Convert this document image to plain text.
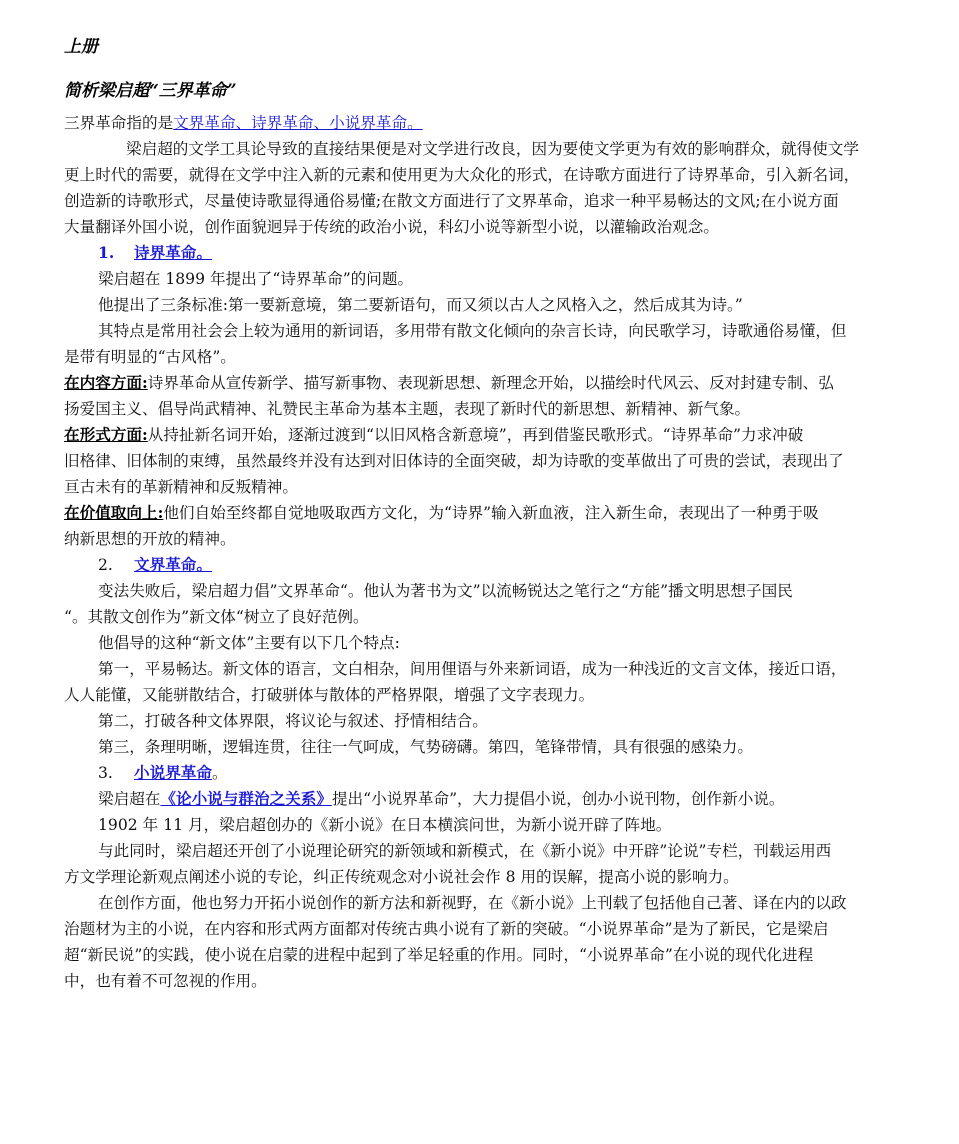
上册
简析梁启超“三界革命”
三界革命指的是文界革命、诗界革命、小说界革命。
梁启超的文学工具论导致的直接结果便是对文学进行改良，因为要使文学更为有效的影响群众，就得使文学
更上时代的需要，就得在文学中注入新的元素和使用更为大众化的形式，在诗歌方面进行了诗界革命，引入新名词，
创造新的诗歌形式，尽量使诗歌显得通俗易懂;在散文方面进行了文界革命，追求一种平易畅达的文风;在小说方面
大量翻译外国小说，创作面貌迥异于传统的政治小说，科幻小说等新型小说，以灌输政治观念。
1. 诗界革命。
梁启超在 1899 年提出了“诗界革命”的问题。
他提出了三条标准:第一要新意境，第二要新语句，而又须以古人之风格入之，然后成其为诗。”
其特点是常用社会会上较为通用的新词语，多用带有散文化倾向的杂言长诗，向民歌学习，诗歌通俗易懂，但
是带有明显的“古风格”。
在内容方面:诗界革命从宣传新学、描写新事物、表现新思想、新理念开始，以描绘时代风云、反对封建专制、弘
扬爱国主义、倡导尚武精神、礼赞民主革命为基本主题，表现了新时代的新思想、新精神、新气象。
在形式方面:从持扯新名词开始，逐渐过渡到“以旧风格含新意境”，再到借鉴民歌形式。“诗界革命”力求冲破
旧格律、旧体制的束缚，虽然最终并没有达到对旧体诗的全面突破，却为诗歌的变革做出了可贵的尝试，表现出了
亘古未有的革新精神和反叛精神。
在价值取向上:他们自始至终都自觉地吸取西方文化，为“诗界”输入新血液，注入新生命，表现出了一种勇于吸
纳新思想的开放的精神。
2. 文界革命。
变法失败后，梁启超力倡”文界革命“。他认为著书为文”以流畅锐达之笔行之“方能”播文明思想子国民
“。其散文创作为”新文体“树立了良好范例。
他倡导的这种“新文体”主要有以下几个特点:
第一，平易畅达。新文体的语言，文白相杂，间用俚语与外来新词语，成为一种浅近的文言文体，接近口语，
人人能懂，又能骈散结合，打破骈体与散体的严格界限，增强了文字表现力。
第二，打破各种文体界限，将议论与叙述、抒情相结合。
第三，条理明晰，逻辑连贯，往往一气呵成，气势磅礴。第四，笔锋带情，具有很强的感染力。
3. 小说界革命。
梁启超在《论小说与群治之关系》提出“小说界革命”，大力提倡小说，创办小说刊物，创作新小说。
1902 年 11 月，梁启超创办的《新小说》在日本横滨问世，为新小说开辟了阵地。
与此同时，梁启超还开创了小说理论研究的新领域和新模式，在《新小说》中开辟”论说”专栏，刊载运用西
方文学理论新观点阐述小说的专论，纠正传统观念对小说社会作 8 用的误解，提高小说的影响力。
在创作方面，他也努力开拓小说创作的新方法和新视野，在《新小说》上刊载了包括他自己著、译在内的以政
治题材为主的小说，在内容和形式两方面都对传统古典小说有了新的突破。“小说界革命”是为了新民，它是梁启
超“新民说”的实践，使小说在启蒙的进程中起到了举足轻重的作用。同时，“小说界革命”在小说的现代化进程
中，也有着不可忽视的作用。
